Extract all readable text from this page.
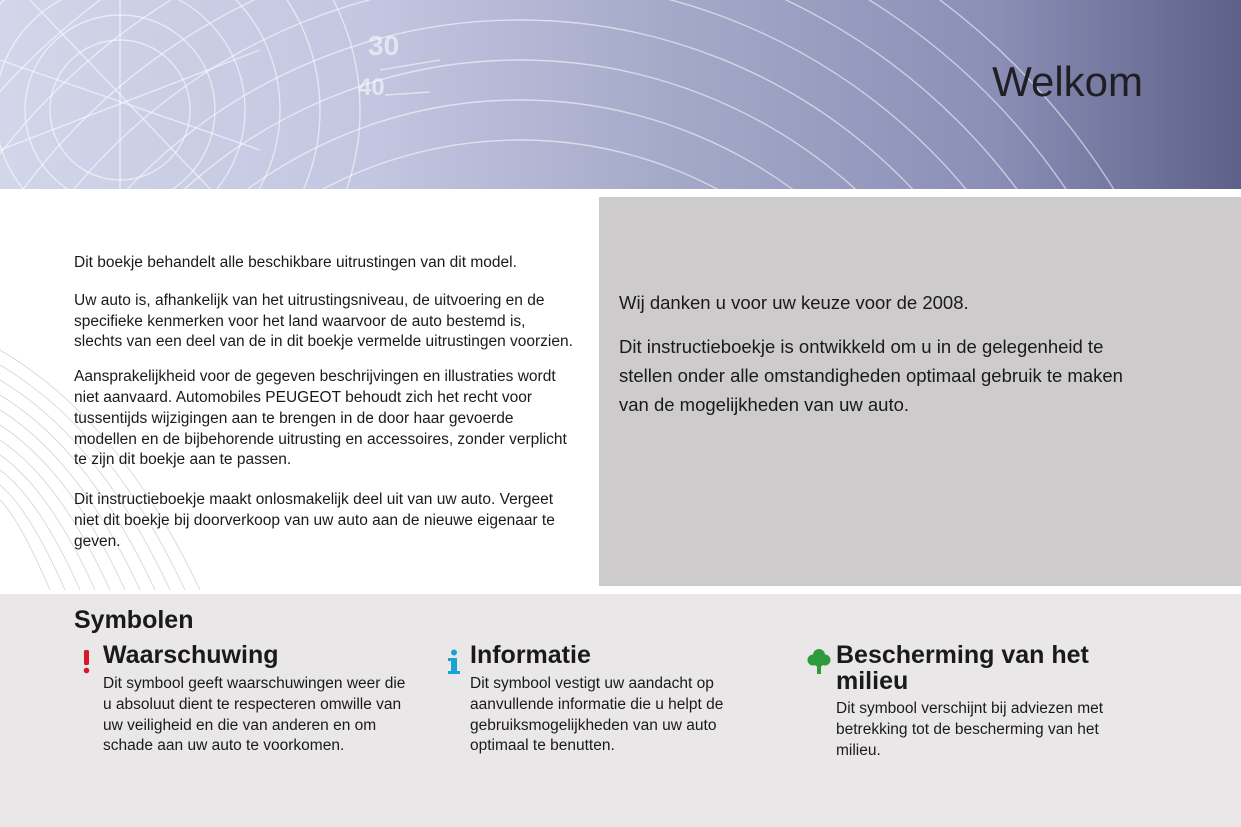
30
40	Welkom

Dit boekje behandelt alle beschikbare uitrustingen van dit model.

Uw auto is, afhankelijk van het uitrustingsniveau, de uitvoering en de specifieke kenmerken voor het land waarvoor de auto bestemd is, slechts van een deel van de in dit boekje vermelde uitrustingen voorzien.

Aansprakelijkheid voor de gegeven beschrijvingen en illustraties wordt niet aanvaard. Automobiles PEUGEOT behoudt zich het recht voor tussentijds wijzigingen aan te brengen in de door haar gevoerde modellen en de bijbehorende uitrusting en accessoires, zonder verplicht te zijn dit boekje aan te passen.

Dit instructieboekje maakt onlosmakelijk deel uit van uw auto. Vergeet niet dit boekje bij doorverkoop van uw auto aan de nieuwe eigenaar te geven.

Wij danken u voor uw keuze voor de 2008.

Dit instructieboekje is ontwikkeld om u in de gelegenheid te stellen onder alle omstandigheden optimaal gebruik te maken van de mogelijkheden van uw auto.

Symbolen
Waarschuwing
Dit symbool geeft waarschuwingen weer die u absoluut dient te respecteren omwille van uw veiligheid en die van anderen en om schade aan uw auto te voorkomen.
Informatie
Dit symbool vestigt uw aandacht op aanvullende informatie die u helpt de gebruiksmogelijkheden van uw auto optimaal te benutten.
Bescherming van het milieu
Dit symbool verschijnt bij adviezen met betrekking tot de bescherming van het milieu.
